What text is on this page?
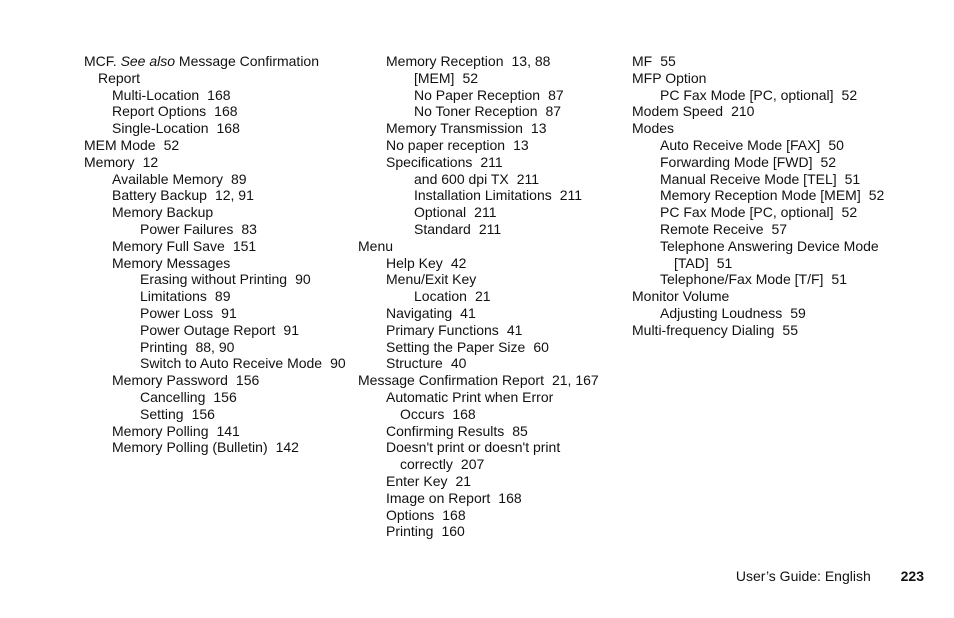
MCF. See also Message Confirmation Report
Multi-Location 168
Report Options 168
Single-Location 168
MEM Mode 52
Memory 12
Available Memory 89
Battery Backup 12, 91
Memory Backup
Power Failures 83
Memory Full Save 151
Memory Messages
Erasing without Printing 90
Limitations 89
Power Loss 91
Power Outage Report 91
Printing 88, 90
Switch to Auto Receive Mode 90
Memory Password 156
Cancelling 156
Setting 156
Memory Polling 141
Memory Polling (Bulletin) 142
Memory Reception 13, 88
[MEM] 52
No Paper Reception 87
No Toner Reception 87
Memory Transmission 13
No paper reception 13
Specifications 211
and 600 dpi TX 211
Installation Limitations 211
Optional 211
Standard 211
Menu
Help Key 42
Menu/Exit Key
Location 21
Navigating 41
Primary Functions 41
Setting the Paper Size 60
Structure 40
Message Confirmation Report 21, 167
Automatic Print when Error Occurs 168
Confirming Results 85
Doesn't print or doesn't print correctly 207
Enter Key 21
Image on Report 168
Options 168
Printing 160
MF 55
MFP Option
PC Fax Mode [PC, optional] 52
Modem Speed 210
Modes
Auto Receive Mode [FAX] 50
Forwarding Mode [FWD] 52
Manual Receive Mode [TEL] 51
Memory Reception Mode [MEM] 52
PC Fax Mode [PC, optional] 52
Remote Receive 57
Telephone Answering Device Mode [TAD] 51
Telephone/Fax Mode [T/F] 51
Monitor Volume
Adjusting Loudness 59
Multi-frequency Dialing 55
User’s Guide: English 223
